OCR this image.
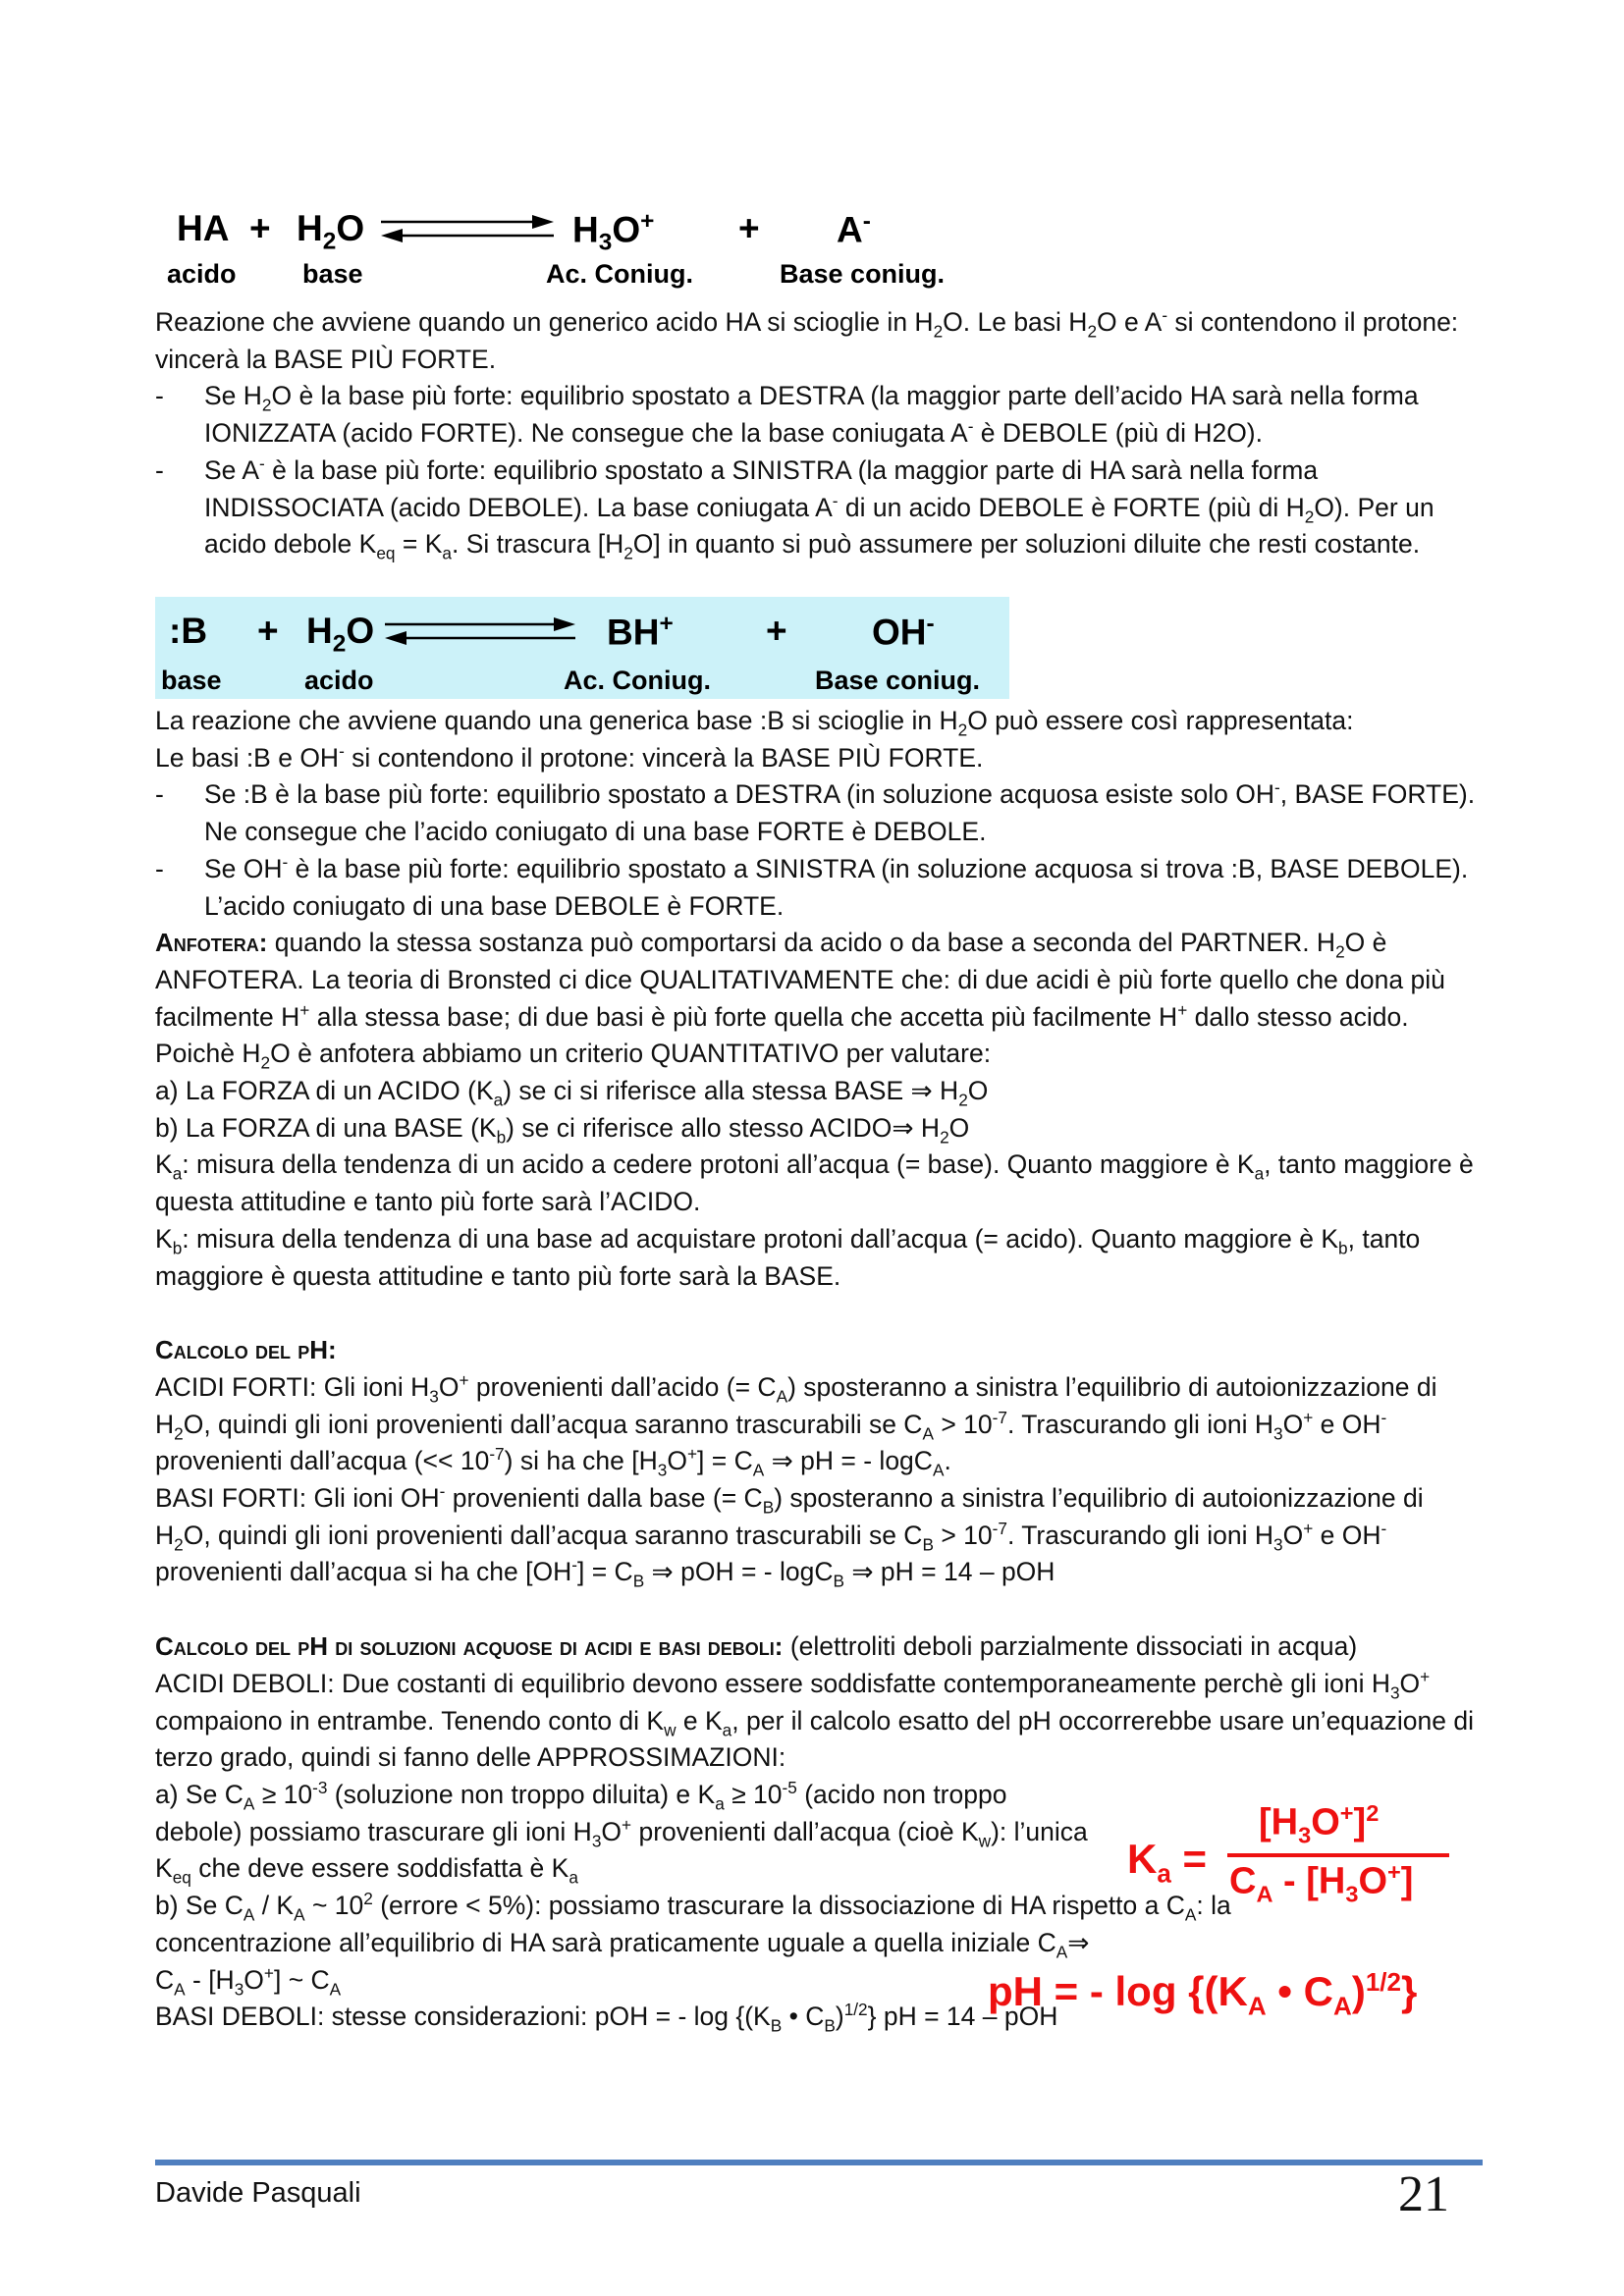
HA + $H_2O$	$H_3O^+ + A^-$
acido base	Ac. Coniug.	Base coniug.

Reazione che avviene quando un generico acido HA si scioglie in $H_2O$. Le basi $H_2O$ e A- si contendono il protone: vincerà la BASE PIÙ FORTE.

- Se $H_2O$ è la base più forte: equilibrio spostato a DESTRA (la maggior parte dell’acido HA sarà nella forma IONIZZATA (acido FORTE). Ne consegue che la base coniugata A- è DEBOLE (più di H2O).

- Se A- è la base più forte: equilibrio spostato a SINISTRA (la maggior parte di HA sarà nella forma INDISSOCIATA (acido DEBOLE). La base coniugata A- di un acido DEBOLE è FORTE (più di $H_2O$). Per un acido debole $K_{eq} = K_a$. Si trascura $[H_2O]$ in quanto si può assumere per soluzioni diluite che resti costante.

:B + $H_2O$	BH+	+ OH-
base	acido	Ac. Coniug.	Base coniug.

La reazione che avviene quando una generica base :B si scioglie in $H_2O$ può essere così rappresentata:

Le basi :B e OH- si contendono il protone: vincerà la BASE PIÙ FORTE.

- Se :B è la base più forte: equilibrio spostato a DESTRA (in soluzione acquosa esiste solo OH-, BASE FORTE). Ne consegue che l’acido coniugato di una base FORTE è DEBOLE.

- Se OH- è la base più forte: equilibrio spostato a SINISTRA (in soluzione acquosa si trova :B, BASE DEBOLE). L’acido coniugato di una base DEBOLE è FORTE.

Anfotera: quando la stessa sostanza può comportarsi da acido o da base a seconda del PARTNER. $H_2O$ è ANFOTERA. La teoria di Bronsted ci dice QUALITATIVAMENTE che: di due acidi è più forte quello che dona più facilmente H+ alla stessa base; di due basi è più forte quella che accetta più facilmente H+ dallo stesso acido. Poichè $H_2O$ è anfotera abbiamo un criterio QUANTITATIVO per valutare:

a) La FORZA di un ACIDO $(K_a)$ se ci si riferisce alla stessa BASE ⇒ $H_2O$

b) La FORZA di una BASE $(K_b)$ se ci riferisce allo stesso ACIDO⇒ $H_2O$

$K_a$: misura della tendenza di un acido a cedere protoni all’acqua (= base). Quanto maggiore è $K_a$, tanto maggiore è questa attitudine e tanto più forte sarà l’ACIDO.

$K_b$: misura della tendenza di una base ad acquistare protoni dall’acqua (= acido). Quanto maggiore è $K_b$, tanto maggiore è questa attitudine e tanto più forte sarà la BASE.

Calcolo del pH:

ACIDI FORTI: Gli ioni $H_3O^+$ provenienti dall’acido (= $C_A$) sposteranno a sinistra l’equilibrio di autoionizzazione di $H_2O$, quindi gli ioni provenienti dall’acqua saranno trascurabili se $C_A > 10^{-7}$. Trascurando gli ioni $H_3O^+$ e OH- provenienti dall’acqua (<< $10^{-7}$) si ha che $[H_3O^+] = C_A$ ⇒ pH = - logC$_A$.

BASI FORTI: Gli ioni OH- provenienti dalla base (= $C_B$) sposteranno a sinistra l’equilibrio di autoionizzazione di $H_2O$, quindi gli ioni provenienti dall’acqua saranno trascurabili se $C_B > 10^{-7}$. Trascurando gli ioni $H_3O^+$ e OH- provenienti dall’acqua si ha che $[OH^-] = C_B$ ⇒ pOH = - logC$_B$ ⇒ pH = 14 – pOH

Calcolo del pH di soluzioni acquose di acidi e basi deboli: (elettroliti deboli parzialmente dissociati in acqua)

ACIDI DEBOLI: Due costanti di equilibrio devono essere soddisfatte contemporaneamente perchè gli ioni $H_3O^+$ compaiono in entrambe. Tenendo conto di $K_w$ e $K_a$, per il calcolo esatto del pH occorrerebbe usare un’equazione di terzo grado, quindi si fanno delle APPROSSIMAZIONI:

a) Se $C_A \ge 10^{-3}$ (soluzione non troppo diluita) e $K_a \ge 10^{-5}$ (acido non troppo debole) possiamo trascurare gli ioni $H_3O^+$ provenienti dall’acqua (cioè $K_w$): l’unica $K_{eq}$ che deve essere soddisfatta è $K_a$

b) Se $C_A / K_A$ ~ $10^2$ (errore < 5%): possiamo trascurare la dissociazione di HA rispetto a $C_A$: la concentrazione all’equilibrio di HA sarà praticamente uguale a quella iniziale $C_A\Rightarrow$

$C_A - [H_3O^+]$ ~ $C_A$

BASI DEBOLI: stesse considerazioni: pOH = - $\log \{(K_B$ • $C_B)^{1/2}$} pH = 14 – pOH

$K_a$ =
$[H_3O^+]^2$
$C_A - [H_3O^+]$
pH = - $\log \{(K_A$ • $C_A)^{1/2}$}
Davide Pasquali	21
